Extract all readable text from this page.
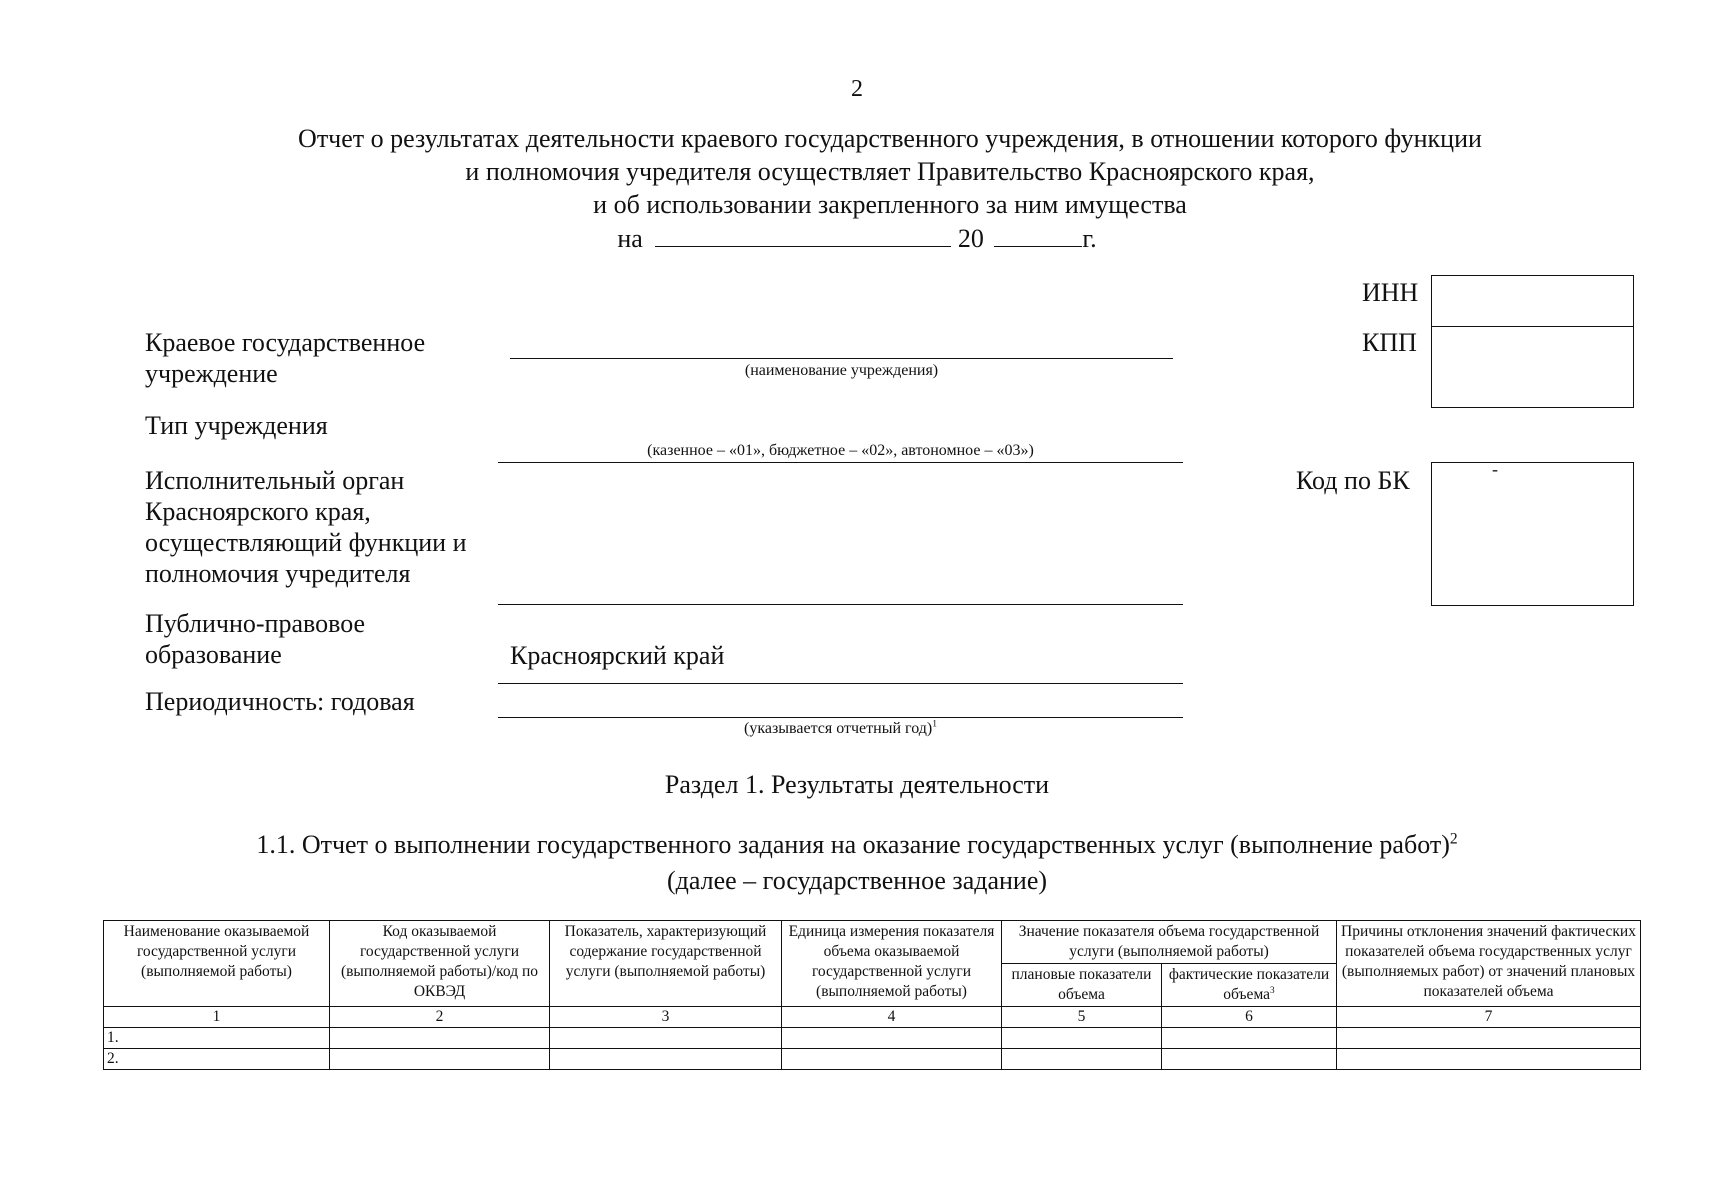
2
Отчет о результатах деятельности краевого государственного учреждения, в отношении которого функции
и полномочия учредителя осуществляет Правительство Красноярского края,
и об использовании закрепленного за ним имущества
на	20	г.
ИНН
КПП
Код по БК	-
Краевое государственное учреждение	(наименование учреждения)
Тип учреждения
(казенное – «01», бюджетное – «02», автономное – «03»)
Исполнительный орган Красноярского края, осуществляющий функции и полномочия учредителя
Публично-правовое образование	Красноярский край
Периодичность: годовая
(указывается отчетный год)$^1$
Раздел 1. Результаты деятельности
1.1. Отчет о выполнении государственного задания на оказание государственных услуг (выполнение работ)$^2$
(далее – государственное задание)
Наименование оказываемой государственной услуги (выполняемой работы)	Код оказываемой государственной услуги (выполняемой работы)/код по ОКВЭД	Показатель, характеризующий содержание государственной услуги (выполняемой работы)	Единица измерения показателя объема оказываемой государственной услуги (выполняемой работы)	Значение показателя объема государственной услуги (выполняемой работы)		Причины отклонения значений фактических показателей объема государственных услуг (выполняемых работ) от значений плановых показателей объема
				плановые показатели объема	фактические показатели объема$^3$
1	2	3	4	5	6	7
1.						
2.						
